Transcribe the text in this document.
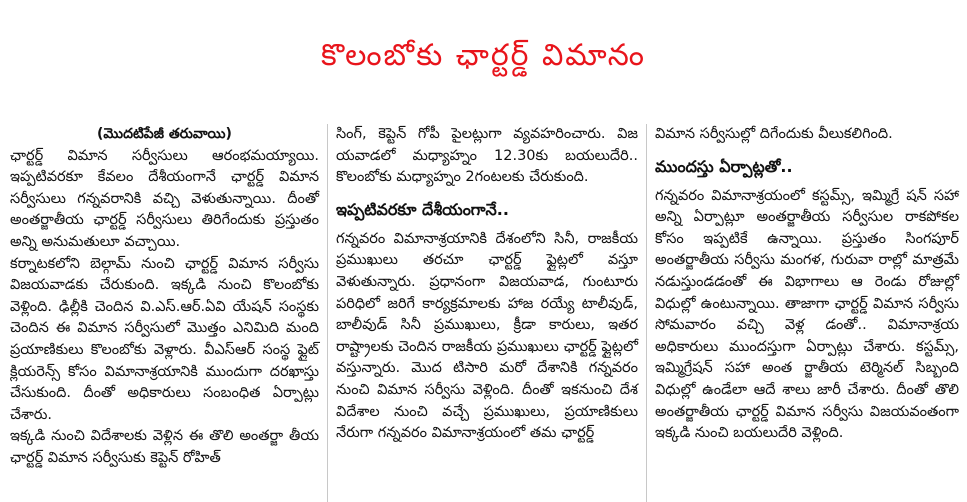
కొలంబోకు ఛార్టర్డ్ విమానం
(మొదటిపేజీ తరువాయి)

ఛార్టర్డ్ విమాన సర్వీసులు ఆరంభమయ్యాయి. ఇప్పటివరకూ కేవలం దేశీయంగానే ఛార్టర్డ్ విమాన సర్వీసులు గన్నవరానికి వచ్చి వెళుతున్నాయి. దీంతో అంతర్జాతీయ ఛార్టర్డ్ సర్వీసులు తిరిగేందుకు ప్రస్తుతం అన్ని అనుమతులూ వచ్చాయి.

కర్నాటకలోని బెల్గామ్ నుంచి ఛార్టర్డ్ విమాన సర్వీసు విజయవాడకు చేరుకుంది. ఇక్కడి నుంచి కొలంబోకు వెళ్లింది. ఢిల్లీకి చెందిన వి.ఎస్.ఆర్.ఏవి యేషన్ సంస్థకు చెందిన ఈ విమాన సర్వీసులో మొత్తం ఎనిమిది మంది ప్రయాణికులు కొలంబోకు వెళ్లారు. వీఎస్ఆర్ సంస్థ ఫ్లైట్ క్లియరెన్స్ కోసం విమానాశ్రయానికి ముందుగా దరఖాస్తు చేసుకుంది. దీంతో అధికారులు సంబంధిత ఏర్పాట్లు చేశారు.

ఇక్కడి నుంచి విదేశాలకు వెళ్లిన ఈ తొలి అంతర్జా తీయ ఛార్టర్డ్ విమాన సర్వీసుకు కెప్టెన్ రోహిత్

సింగ్, కెప్టెన్ గోపీ పైలట్లుగా వ్యవహరించారు. విజ యవాడలో మధ్యాహ్నం 12.30కు బయలుదేరి.. కొలంబోకు మధ్యాహ్నం 2గంటలకు చేరుకుంది.

ఇప్పటివరకూ దేశీయంగానే..

గన్నవరం విమానాశ్రయానికి దేశంలోని సినీ, రాజకీయ ప్రముఖులు తరచూ ఛార్టర్డ్ ఫ్లైట్లలో వస్తూ వెళుతున్నారు. ప్రధానంగా విజయవాడ, గుంటూరు పరిధిలో జరిగే కార్యక్రమాలకు హాజ రయ్యే టాలీవుడ్, బాలీవుడ్ సినీ ప్రముఖులు, క్రీడా కారులు, ఇతర రాష్ట్రాలకు చెందిన రాజకీయ ప్రముఖులు ఛార్టర్డ్ ఫ్లైట్లలో వస్తున్నారు. మొద టిసారి మరో దేశానికి గన్నవరం నుంచి విమాన సర్వీసు వెళ్లింది. దీంతో ఇకనుంచి దేశ విదేశాల నుంచి వచ్చే ప్రముఖులు, ప్రయాణికులు నేరుగా గన్నవరం విమానాశ్రయంలో తమ ఛార్టర్డ్

విమాన సర్వీసుల్లో దిగేందుకు వీలుకలిగింది.

ముందస్తు ఏర్పాట్లతో..

గన్నవరం విమానాశ్రయంలో కస్టమ్స్, ఇమ్మిగ్రే షన్ సహా అన్ని ఏర్పాట్లూ అంతర్జాతీయ సర్వీసుల రాకపోకల కోసం ఇప్పటికే ఉన్నాయి. ప్రస్తుతం సింగపూర్ అంతర్జాతీయ సర్వీసు మంగళ, గురువా రాల్లో మాత్రమే నడుస్తుండడంతో ఈ విభాగాలు ఆ రెండు రోజుల్లో విధుల్లో ఉంటున్నాయి. తాజాగా ఛార్టర్డ్ విమాన సర్వీసు సోమవారం వచ్చి వెళ్ల డంతో.. విమానాశ్రయ అధికారులు ముందస్తుగా ఏర్పాట్లు చేశారు. కస్టమ్స్, ఇమ్మిగ్రేషన్ సహా అంత ర్జాతీయ టెర్మినల్ సిబ్బంది విధుల్లో ఉండేలా ఆదే శాలు జారీ చేశారు. దీంతో తొలి అంతర్జాతీయ ఛార్టర్డ్ విమాన సర్వీసు విజయవంతంగా ఇక్కడి నుంచి బయలుదేరి వెళ్లింది.
